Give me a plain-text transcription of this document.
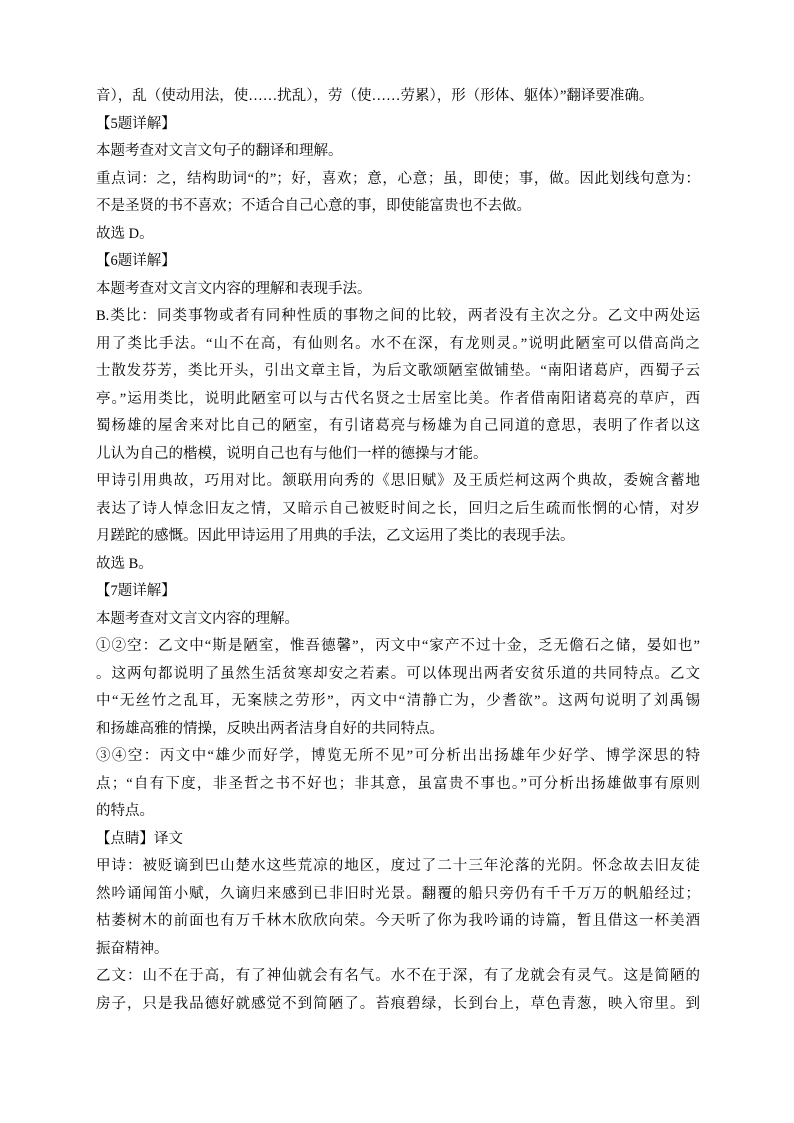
音），乱（使动用法，使……扰乱），劳（使……劳累），形（形体、躯体）”翻译要准确。
【5题详解】
本题考查对文言文句子的翻译和理解。
重点词：之，结构助词“的”；好，喜欢；意，心意；虽，即使；事，做。因此划线句意为：
不是圣贤的书不喜欢；不适合自己心意的事，即使能富贵也不去做。
故选 D。
【6题详解】
本题考查对文言文内容的理解和表现手法。
B.类比：同类事物或者有同种性质的事物之间的比较，两者没有主次之分。乙文中两处运
用了类比手法。“山不在高，有仙则名。水不在深，有龙则灵。”说明此陋室可以借高尚之
士散发芬芳，类比开头，引出文章主旨，为后文歌颂陋室做铺垫。“南阳诸葛庐，西蜀子云
亭。”运用类比，说明此陋室可以与古代名贤之士居室比美。作者借南阳诸葛亮的草庐，西
蜀杨雄的屋舍来对比自己的陋室，有引诸葛亮与杨雄为自己同道的意思，表明了作者以这
儿认为自己的楷模，说明自己也有与他们一样的德操与才能。
甲诗引用典故，巧用对比。颔联用向秀的《思旧赋》及王质烂柯这两个典故，委婉含蓄地
表达了诗人悼念旧友之情，又暗示自己被贬时间之长，回归之后生疏而怅惘的心情，对岁
月蹉跎的感慨。因此甲诗运用了用典的手法，乙文运用了类比的表现手法。
故选 B。
【7题详解】
本题考查对文言文内容的理解。
①②空：乙文中“斯是陋室，惟吾德馨”，丙文中“家产不过十金，乏无儋石之储，晏如也”
。这两句都说明了虽然生活贫寒却安之若素。可以体现出两者安贫乐道的共同特点。乙文
中“无丝竹之乱耳，无案牍之劳形”，丙文中“清静亡为，少耆欲”。这两句说明了刘禹锡
和扬雄高雅的情操，反映出两者洁身自好的共同特点。
③④空：丙文中“雄少而好学，博览无所不见”可分析出出扬雄年少好学、博学深思的特
点；“自有下度，非圣哲之书不好也；非其意，虽富贵不事也。”可分析出扬雄做事有原则
的特点。
【点睛】译文
甲诗：被贬谪到巴山楚水这些荒凉的地区，度过了二十三年沦落的光阴。怀念故去旧友徒
然吟诵闻笛小赋，久谪归来感到已非旧时光景。翻覆的船只旁仍有千千万万的帆船经过；
枯萎树木的前面也有万千林木欣欣向荣。今天听了你为我吟诵的诗篇，暂且借这一杯美酒
振奋精神。
乙文：山不在于高，有了神仙就会有名气。水不在于深，有了龙就会有灵气。这是简陋的
房子，只是我品德好就感觉不到简陋了。苔痕碧绿，长到台上，草色青葱，映入帘里。到
